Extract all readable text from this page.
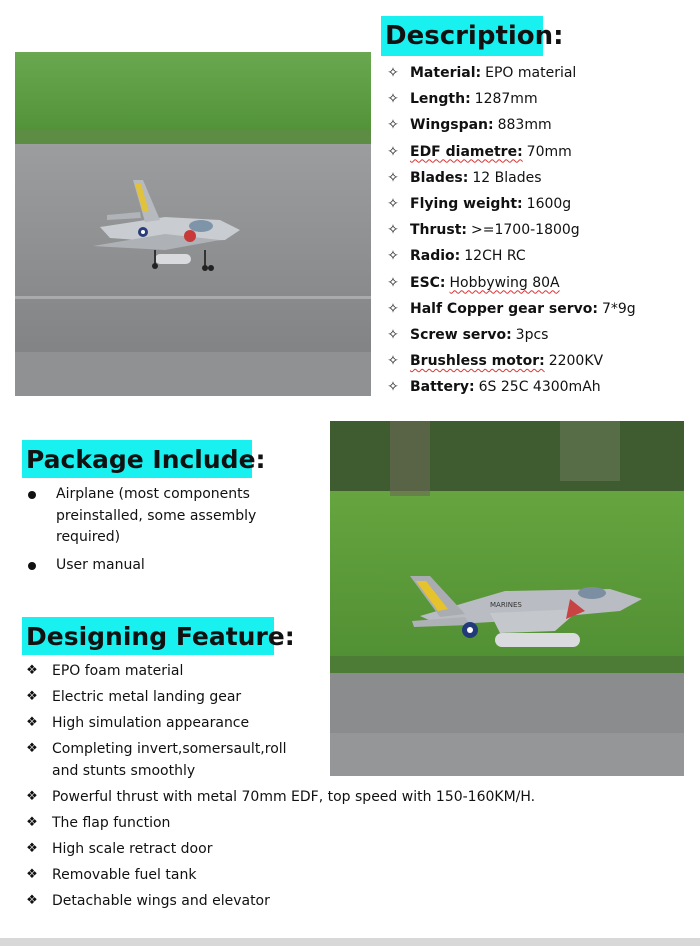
Description:
✧ Material: EPO material
✧ Length: 1287mm
✧ Wingspan: 883mm
✧ EDF diametre: 70mm
✧ Blades: 12 Blades
✧ Flying weight: 1600g
✧ Thrust: >=1700-1800g
✧ Radio: 12CH RC
✧ ESC: Hobbywing 80A
✧ Half Copper gear servo: 7*9g
✧ Screw servo: 3pcs
✧ Brushless motor: 2200KV
✧ Battery: 6S 25C 4300mAh
MARINES
Package Include:
Airplane (most components preinstalled, some assembly required)
User manual
Designing Feature:
❖ EPO foam material
❖ Electric metal landing gear
❖ High simulation appearance
❖ Completing invert,somersault,roll and stunts smoothly
❖ Powerful thrust with metal 70mm EDF, top speed with 150-160KM/H.
❖ The flap function
❖ High scale retract door
❖ Removable fuel tank
❖ Detachable wings and elevator
